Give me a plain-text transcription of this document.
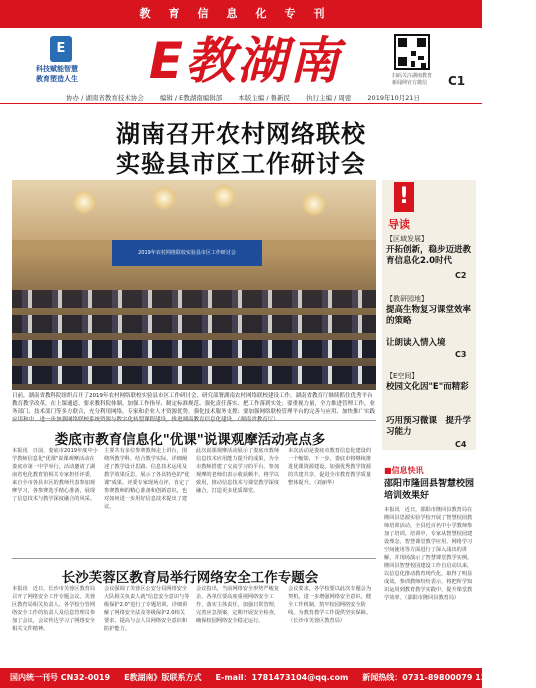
教育信息化专刊
E
科技赋能智慧
教育塑造人生	E教湖南	扫码关注湖南教育
新闻网官方微信 C1
协办 / 湖南省教育技术协会 编辑 / E教湖南编辑部 本版主编 / 鲁新民 执行主编 / 周密 2019年10月21日
湖南召开农村网络联校
实验县市区工作研讨会
2019年农村网络联校实验县市区工作研讨会
日前，湖南省教科院组织召开了2019年农村网络联校实验县市区工作研讨会，研究部署湖南农村网络联校建设工作。湖南省教育厅继续抓住优秀平台教育教学改革，在上课通道、要求教科院体制、加强工作指导、制定标准规范、强化责任落实、把工作落到实处；要重视力量，全力推进管理工作，业务部门、技术部门等多方联合，充分利用网络，专家和企业人才资源优势，强化技术服务支撑；要加强网络联校管理平台的完善与应用、加快推广实践
!
导读
【区域发展】
开拓创新，稳步迈进教育信息化2.0时代
C2
【教研园地】
提高生物复习课堂效率的策略
让朗读入情入境
C3
【E空间】
校园文化因"E"而精彩
巧用预习微课　提升学习能力
C4
■信息快讯
邵阳市隆回县智慧校园培训效果好
本报讯　近日，邵阳市隆回县教育局在隆回县思源实验学校开展了智慧校园教师培训活动。全县近百名中小学教师参加了培训。培训中，专家从智慧校园建设理念、智慧课堂教学应用、网络学习空间使用等方面进行了深入浅出的讲解，并现场演示了智慧课堂教学实例。隆回县智慧校园建设工作自启动以来，以信息化推动教育现代化，取得了明显成效。参训教师纷纷表示，将把所学知识运用到教育教学实践中，提升课堂教学效率。（邵阳市隆回县教育局）
娄底市教育信息化"优课"说课观摩活动亮点多
本报讯　日前，娄底市2019年度中小学教师信息化"优课"说课观摩活动在娄底市第一中学举行。活动邀请了湖南省电化教育馆相关专家担任评委，来自全市各县市区的教师代表参加观摩学习，各参赛选手精心准备，展现了信息技术与教学深度融合的风采。
主要共有多位参赛教师走上讲台，围绕所教学科，结合教学实际，详细阐述了教学设计思路、信息技术运用及教学效果反思，展示了各具特色的"优课"成果。评委专家现场点评，肯定了参赛教师的精心准备和创新意识，也对如何进一步用好信息技术提出了建议。
此次说课观摩活动展示了娄底市教师信息技术应用能力提升的成果，为全市教师搭建了交流学习的平台。参加观摩的老师们表示收获颇丰，将学以致用，推动信息技术与课堂教学深度融合，打造更多优质课堂。
本次活动是娄底市教育信息化建设的一个缩影，下一步，娄底市将继续推进优课资源建设，加强优秀教学资源的共建共享，促进全市教育教学质量整体提升。（刘丽华）
长沙芙蓉区教育局举行网络安全工作专题会
本报讯　近日，长沙市芙蓉区教育局召开了网络安全工作专题会议。芙蓉区教育局相关负责人、各学校分管网络安全工作的负责人及信息管理员参加了会议，会议传达学习了网络安全相关文件精神。
会议强调了芙蓉区公安分局网络安全大队相关负责人就"信息安全意识与等级保护2.0"进行了专题培训，详细讲解了网络安全法及等级保护2.0相关要求，提高与会人员网络安全意识和防护能力。
会议指出，当前网络安全形势严峻复杂，各单位要高度重视网络安全工作，落实主体责任，加强日常管理，完善应急预案，定期开展安全检查，确保校园网络安全稳定运行。
会议要求，各学校要以此次专题会为契机，进一步增强网络安全意识，健全工作机制，筑牢校园网络安全防线，为教育教学工作提供坚实保障。（长沙市芙蓉区教育局）
国内统一刊号 CN32-0019 E教湖南》版联系方式 E-mail：1781473104@qq.com 新闻热线：0731-89800079 13387318159
